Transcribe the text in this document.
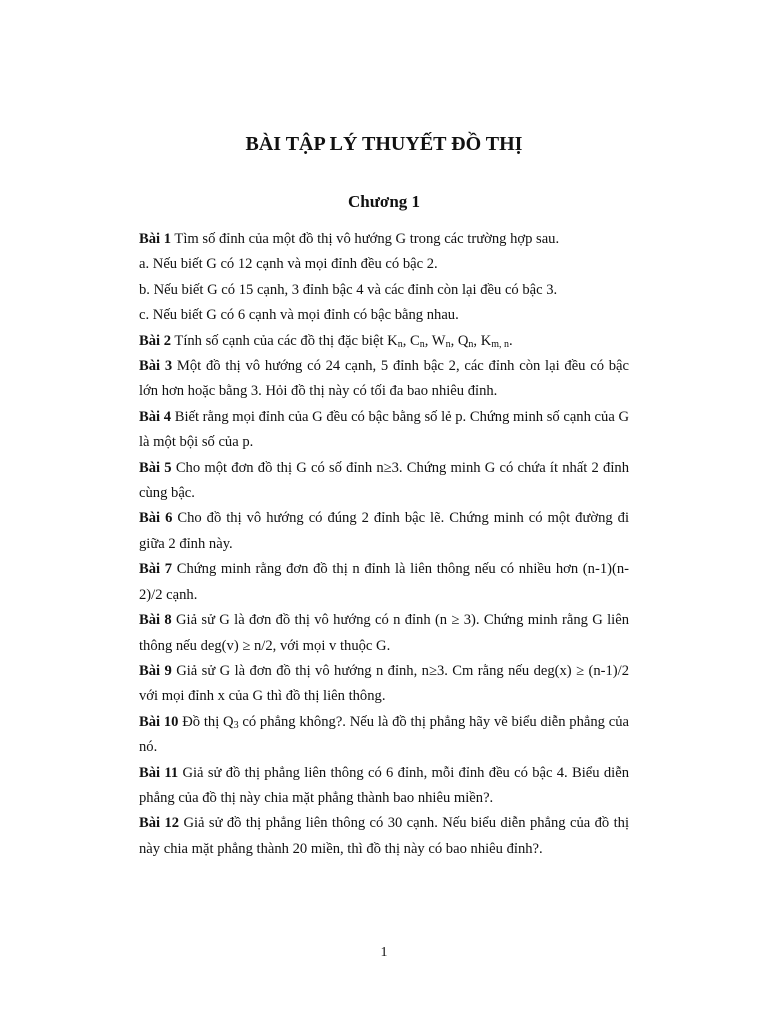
BÀI TẬP LÝ THUYẾT ĐỒ THỊ
Chương 1

Bài 1 Tìm số đỉnh của một đồ thị vô hướng G trong các trường hợp sau.

a. Nếu biết G có 12 cạnh và mọi đỉnh đều có bậc 2.

b. Nếu biết G có 15 cạnh, 3 đỉnh bậc 4 và các đỉnh còn lại đều có bậc 3.

c. Nếu biết G có 6 cạnh và mọi đỉnh có bậc bằng nhau.

Bài 2 Tính số cạnh của các đồ thị đặc biệt $K_n$, $C_n$, $W_n$, $Q_n$, $K_{m, n}$.

Bài 3 Một đồ thị vô hướng có 24 cạnh, 5 đỉnh bậc 2, các đỉnh còn lại đều có bậc lớn hơn hoặc bằng 3. Hỏi đồ thị này có tối đa bao nhiêu đỉnh.

Bài 4 Biết rằng mọi đỉnh của G đều có bậc bằng số lẻ p. Chứng minh số cạnh của G là một bội số của p.

Bài 5 Cho một đơn đồ thị G có số đỉnh n≥3. Chứng minh G có chứa ít nhất 2 đỉnh cùng bậc.

Bài 6 Cho đồ thị vô hướng có đúng 2 đỉnh bậc lẽ. Chứng minh có một đường đi giữa 2 đỉnh này.

Bài 7 Chứng minh rằng đơn đồ thị n đỉnh là liên thông nếu có nhiều hơn (n-1)(n-2)/2 cạnh.

Bài 8 Giả sử G là đơn đồ thị vô hướng có n đỉnh (n ≥ 3). Chứng minh rằng G liên thông nếu deg(v) ≥ n/2, với mọi v thuộc G.

Bài 9 Giả sử G là đơn đồ thị vô hướng n đỉnh, n≥3. Cm rằng nếu deg(x) ≥ (n-1)/2 với mọi đỉnh x của G thì đồ thị liên thông.

Bài 10 Đồ thị $Q_3$ có phẳng không?. Nếu là đồ thị phẳng hãy vẽ biểu diễn phẳng của nó.

Bài 11 Giả sử đồ thị phẳng liên thông có 6 đỉnh, mỗi đỉnh đều có bậc 4. Biểu diễn phẳng của đồ thị này chia mặt phẳng thành bao nhiêu miền?.

Bài 12 Giả sử đồ thị phẳng liên thông có 30 cạnh. Nếu biểu diễn phẳng của đồ thị này chia mặt phẳng thành 20 miền, thì đồ thị này có bao nhiêu đỉnh?.

1
